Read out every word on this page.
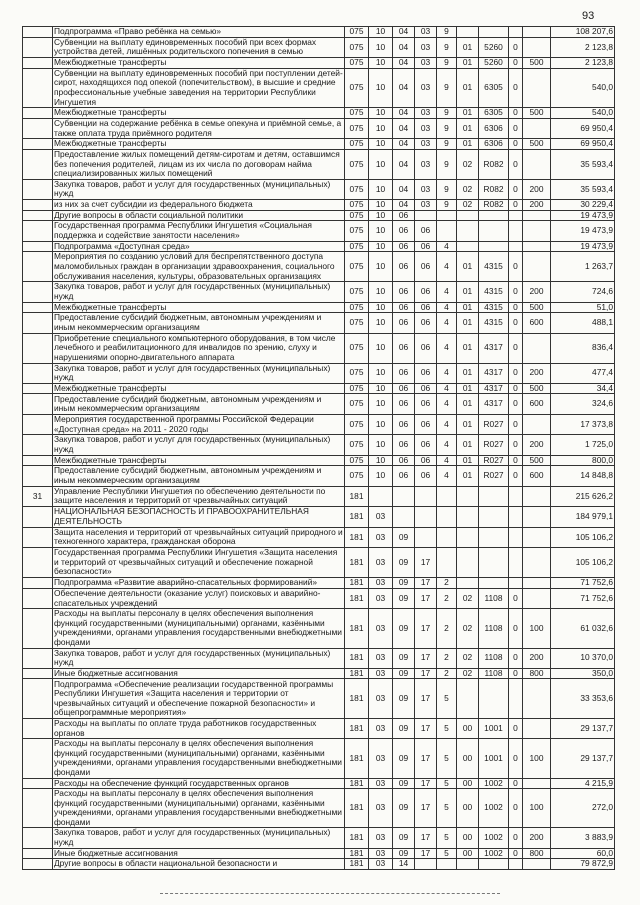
93
	Подпрограмма «Право ребёнка на семью»	075	10	04	03	9					108 207,6
	Субвенции на выплату единовременных пособий при всех формах устройства детей, лишённых родительского попечения в семью	075	10	04	03	9	01	5260	0		2 123,8
	Межбюджетные трансферты	075	10	04	03	9	01	5260	0	500	2 123,8
	Субвенции на выплату единовременных пособий при поступлении детей-сирот, находящихся под опекой (попечительством), в высшие и средние профессиональные учебные заведения на территории Республики Ингушетия	075	10	04	03	9	01	6305	0		540,0
	Межбюджетные трансферты	075	10	04	03	9	01	6305	0	500	540,0
	Субвенции на содержание ребёнка в семье опекуна и приёмной семье, а также оплата труда приёмного родителя	075	10	04	03	9	01	6306	0		69 950,4
	Межбюджетные трансферты	075	10	04	03	9	01	6306	0	500	69 950,4
	Предоставление жилых помещений детям-сиротам и детям, оставшимся без попечения родителей, лицам из их числа по договорам найма специализированных жилых помещений	075	10	04	03	9	02	R082	0		35 593,4
	Закупка товаров, работ и услуг для государственных (муниципальных) нужд	075	10	04	03	9	02	R082	0	200	35 593,4
	из них за счет субсидии из федерального бюджета	075	10	04	03	9	02	R082	0	200	30 229,4
	Другие вопросы в области социальной политики	075	10	06							19 473,9
	Государственная программа Республики Ингушетия «Социальная поддержка и содействие занятости населения»	075	10	06	06						19 473,9
	Подпрограмма «Доступная среда»	075	10	06	06	4					19 473,9
	Мероприятия по созданию условий для беспрепятственного доступа маломобильных граждан в организации здравоохранения, социального обслуживания населения, культуры, образовательных организациях	075	10	06	06	4	01	4315	0		1 263,7
	Закупка товаров, работ и услуг для государственных (муниципальных) нужд	075	10	06	06	4	01	4315	0	200	724,6
	Межбюджетные трансферты	075	10	06	06	4	01	4315	0	500	51,0
	Предоставление субсидий бюджетным, автономным учреждениям и иным некоммерческим организациям	075	10	06	06	4	01	4315	0	600	488,1
	Приобретение специального компьютерного оборудования, в том числе лечебного и реабилитационного для инвалидов по зрению, слуху и нарушениями опорно-двигательного аппарата	075	10	06	06	4	01	4317	0		836,4
	Закупка товаров, работ и услуг для государственных (муниципальных) нужд	075	10	06	06	4	01	4317	0	200	477,4
	Межбюджетные трансферты	075	10	06	06	4	01	4317	0	500	34,4
	Предоставление субсидий бюджетным, автономным учреждениям и иным некоммерческим организациям	075	10	06	06	4	01	4317	0	600	324,6
	Мероприятия государственной программы Российской Федерации «Доступная среда» на 2011 - 2020 годы	075	10	06	06	4	01	R027	0		17 373,8
	Закупка товаров, работ и услуг для государственных (муниципальных) нужд	075	10	06	06	4	01	R027	0	200	1 725,0
	Межбюджетные трансферты	075	10	06	06	4	01	R027	0	500	800,0
	Предоставление субсидий бюджетным, автономным учреждениям и иным некоммерческим организациям	075	10	06	06	4	01	R027	0	600	14 848,8
31	Управление Республики Ингушетия по обеспечению деятельности по защите населения и территорий от чрезвычайных ситуаций	181									215 626,2
	НАЦИОНАЛЬНАЯ БЕЗОПАСНОСТЬ И ПРАВООХРАНИТЕЛЬНАЯ ДЕЯТЕЛЬНОСТЬ	181	03								184 979,1
	Защита населения и территорий от чрезвычайных ситуаций природного и техногенного характера, гражданская оборона	181	03	09							105 106,2
	Государственная программа Республики Ингушетия «Защита населения и территорий от чрезвычайных ситуаций и обеспечение пожарной безопасности»	181	03	09	17						105 106,2
	Подпрограмма «Развитие аварийно-спасательных формирований»	181	03	09	17	2					71 752,6
	Обеспечение деятельности (оказание услуг) поисковых и аварийно-спасательных учреждений	181	03	09	17	2	02	1108	0		71 752,6
	Расходы на выплаты персоналу в целях обеспечения выполнения функций государственными (муниципальными) органами, казёнными учреждениями, органами управления государственными внебюджетными фондами	181	03	09	17	2	02	1108	0	100	61 032,6
	Закупка товаров, работ и услуг для государственных (муниципальных) нужд	181	03	09	17	2	02	1108	0	200	10 370,0
	Иные бюджетные ассигнования	181	03	09	17	2	02	1108	0	800	350,0
	Подпрограмма «Обеспечение реализации государственной программы Республики Ингушетия «Защита населения и территории от чрезвычайных ситуаций и обеспечение пожарной безопасности» и общепрограммные мероприятия»	181	03	09	17	5					33 353,6
	Расходы на выплаты по оплате труда работников государственных органов	181	03	09	17	5	00	1001	0		29 137,7
	Расходы на выплаты персоналу в целях обеспечения выполнения функций государственными (муниципальными) органами, казёнными учреждениями, органами управления государственными внебюджетными фондами	181	03	09	17	5	00	1001	0	100	29 137,7
	Расходы на обеспечение функций государственных органов	181	03	09	17	5	00	1002	0		4 215,9
	Расходы на выплаты персоналу в целях обеспечения выполнения функций государственными (муниципальными) органами, казёнными учреждениями, органами управления государственными внебюджетными фондами	181	03	09	17	5	00	1002	0	100	272,0
	Закупка товаров, работ и услуг для государственных (муниципальных) нужд	181	03	09	17	5	00	1002	0	200	3 883,9
	Иные бюджетные ассигнования	181	03	09	17	5	00	1002	0	800	60,0
	Другие вопросы в области национальной безопасности и	181	03	14							79 872,9
